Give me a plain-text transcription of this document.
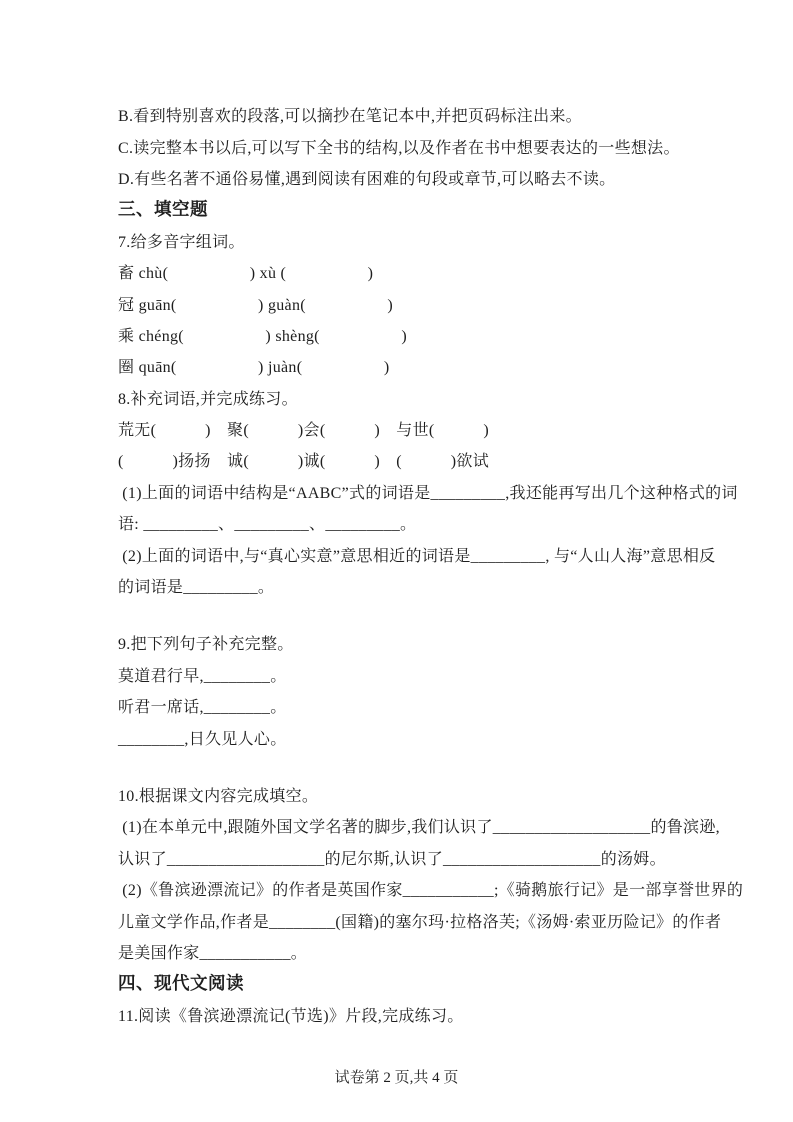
B.看到特别喜欢的段落,可以摘抄在笔记本中,并把页码标注出来。
C.读完整本书以后,可以写下全书的结构,以及作者在书中想要表达的一些想法。
D.有些名著不通俗易懂,遇到阅读有困难的句段或章节,可以略去不读。
三、填空题
7.给多音字组词。
畜 chù(　　　　　) xù (　　　　　)
冠 guān(　　　　　) guàn(　　　　　)
乘 chéng(　　　　　) shèng(　　　　　)
圈 quān(　　　　　) juàn(　　　　　)
8.补充词语,并完成练习。
荒无(　　　)　聚(　　　)会(　　　)　与世(　　　)
(　　　)扬扬　诚(　　　)诚(　　　)　(　　　)欲试
(1)上面的词语中结构是“AABC”式的词语是_________,我还能再写出几个这种格式的词
语: _________、_________、_________。
(2)上面的词语中,与“真心实意”意思相近的词语是_________, 与“人山人海”意思相反
的词语是_________。
9.把下列句子补充完整。
莫道君行早,________。
听君一席话,________。
________,日久见人心。
10.根据课文内容完成填空。
(1)在本单元中,跟随外国文学名著的脚步,我们认识了___________________的鲁滨逊,
认识了___________________的尼尔斯,认识了___________________的汤姆。
(2)《鲁滨逊漂流记》的作者是英国作家___________;《骑鹅旅行记》是一部享誉世界的
儿童文学作品,作者是________(国籍)的塞尔玛·拉格洛芙;《汤姆·索亚历险记》的作者
是美国作家___________。
四、现代文阅读
11.阅读《鲁滨逊漂流记(节选)》片段,完成练习。
试卷第 2 页,共 4 页
